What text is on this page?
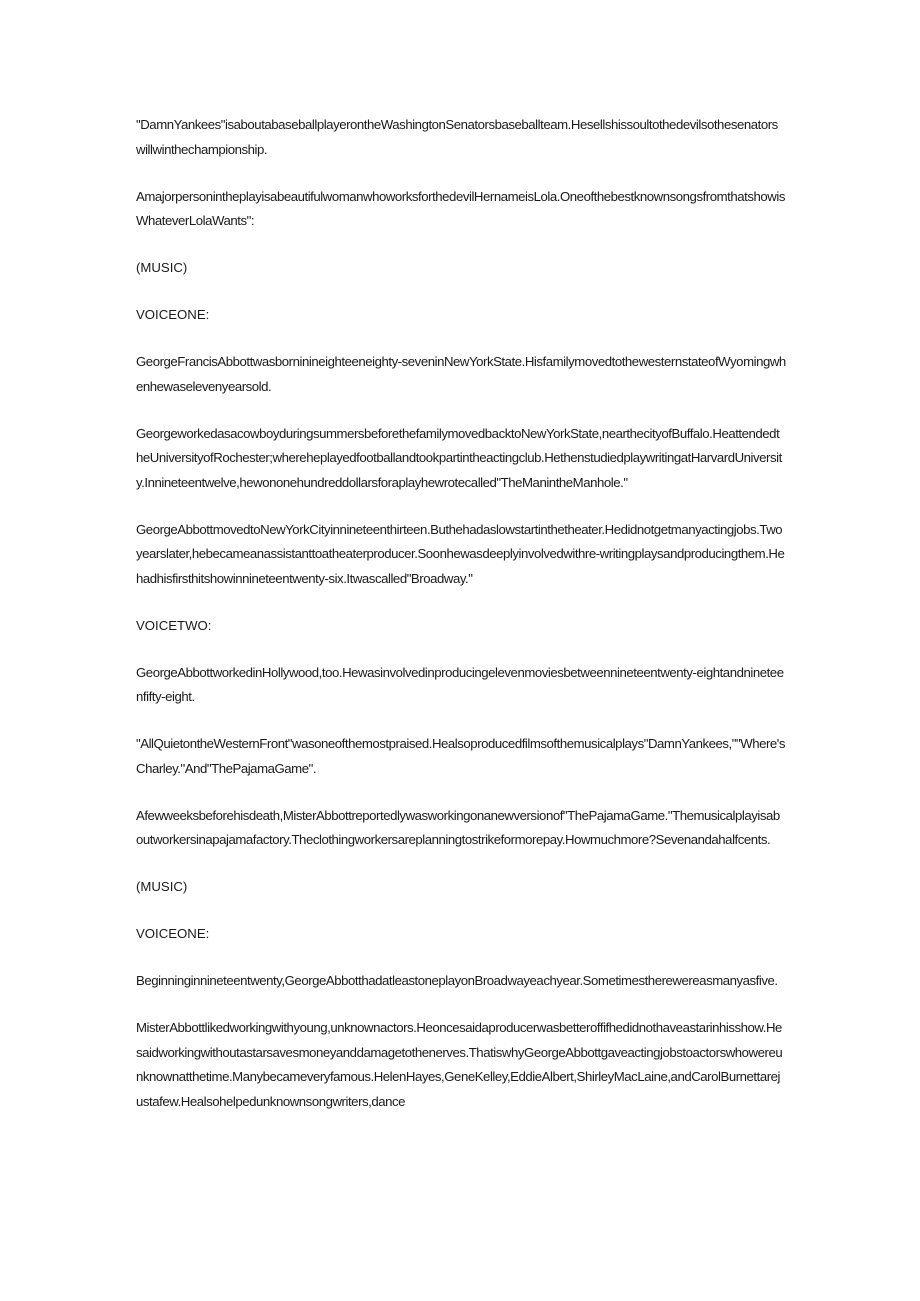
"DamnYankees"isaboutabaseballplayerontheWashingtonSenatorsbaseballteam.Hesellshissoultothedevilsothesenatorswillwinthechampionship.

AmajorpersonintheplayisabeautifulwomanwhoworksforthedevilHernameisLola.OneofthebestknownsongsfromthatshowisWhateverLolaWants":

(MUSIC)

VOICEONE:

GeorgeFrancisAbbottwasborninineighteeneighty-seveninNewYorkState.HisfamilymovedtothewesternstateofWyomingwhenhewaselevenyearsold.

GeorgeworkedasacowboyduringsummersbeforethefamilymovedbacktoNewYorkState,nearthecityofBuffalo.HeattendedtheUniversityofRochester;whereheplayedfootballandtookpartintheactingclub.HethenstudiedplaywritingatHarvardUniversity.Innineteentwelve,hewononehundreddollarsforaplayhewrotecalled"TheManintheManhole."

GeorgeAbbottmovedtoNewYorkCityinnineteenthirteen.Buthehadaslowstartinthetheater.Hedidnotgetmanyactingjobs.Twoyearslater,hebecameanassistanttoatheaterproducer.Soonhewasdeeplyinvolvedwithre-writingplaysandproducingthem.Hehadhisfirsthitshowinnineteentwenty-six.Itwascalled"Broadway."

VOICETWO:

GeorgeAbbottworkedinHollywood,too.Hewasinvolvedinproducingelevenmoviesbetweennineteentwenty-eightandnineteenfifty-eight.

"AllQuietontheWesternFront"wasoneofthemostpraised.Healsoproducedfilmsofthemusicalplays"DamnYankees,""Where'sCharley."And"ThePajamaGame".

Afewweeksbeforehisdeath,MisterAbbottreportedlywasworkingonanewversionof"ThePajamaGame."Themusicalplayisaboutworkersinapajamafactory.Theclothingworkersareplanningtostrikeformorepay.Howmuchmore?Sevenandahalfcents.

(MUSIC)

VOICEONE:

Beginninginnineteentwenty,GeorgeAbbotthadatleastoneplayonBroadwayeachyear.Sometimestherewereasmanyasfive.

MisterAbbottlikedworkingwithyoung,unknownactors.Heoncesaidaproducerwasbetteroffifhedidnothaveastarinhisshow.Hesaidworkingwithoutastarsavesmoneyanddamagetothenerves.ThatiswhyGeorgeAbbottgaveactingjobstoactorswhowereunknownatthetime.Manybecameveryfamous.HelenHayes,GeneKelley,EddieAlbert,ShirleyMacLaine,andCarolBurnettarejustafew.Healsohelpedunknownsongwriters,dance
